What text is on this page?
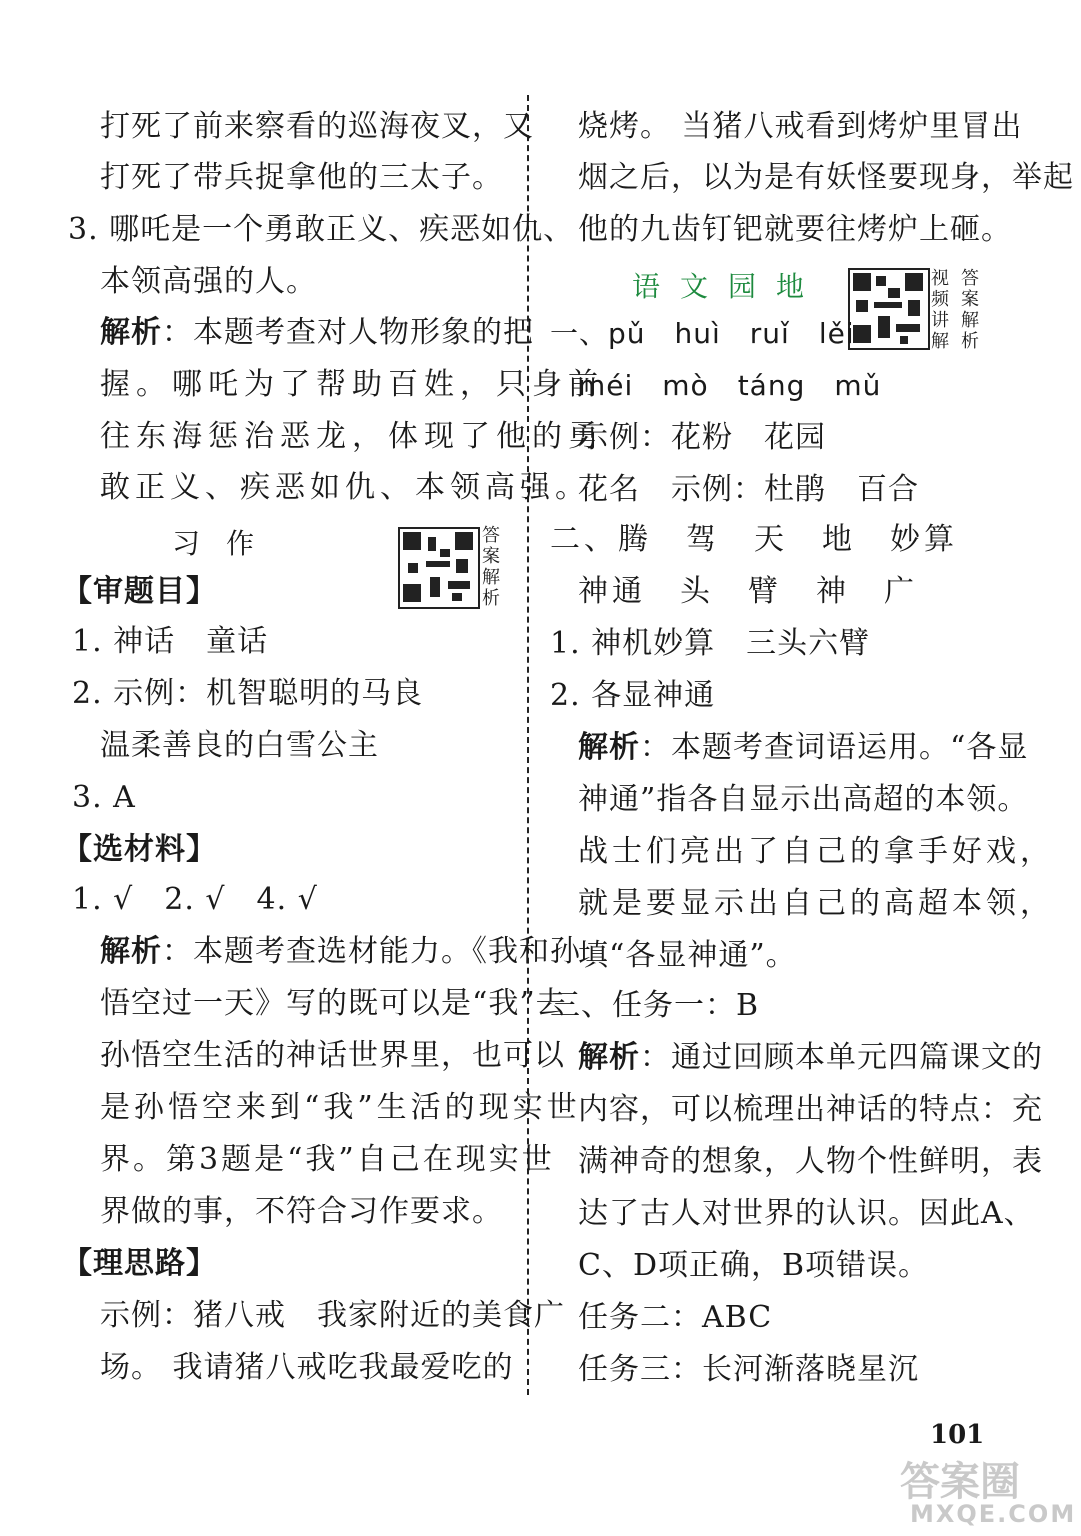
打死了前来察看的巡海夜叉，又
打死了带兵捉拿他的三太子。
3. 哪吒是一个勇敢正义、疾恶如仇、
本领高强的人。
解析：本题考查对人物形象的把
握。哪吒为了帮助百姓，只身前
往东海惩治恶龙，体现了他的勇
敢正义、疾恶如仇、本领高强。
习作	答
案
解
析
【审题目】
1. 神话　童话
2. 示例：机智聪明的马良
温柔善良的白雪公主
3. A
【选材料】
1. √　2. √　4. √
解析：本题考查选材能力。《我和孙
悟空过一天》写的既可以是“我”去
孙悟空生活的神话世界里，也可以
是孙悟空来到“我”生活的现实世
界。第3题是“我”自己在现实世
界做的事，不符合习作要求。
【理思路】
示例：猪八戒　我家附近的美食广
场。 我请猪八戒吃我最爱吃的
烧烤。 当猪八戒看到烤炉里冒出
烟之后，以为是有妖怪要现身，举起
他的九齿钉钯就要往烤炉上砸。
语文园地	视
频
讲
解
答
案
解
析
一、pǔ　huì　ruǐ　lěi
méi　mò　táng　mǔ
示例：花粉　花园
花名　示例：杜鹃　百合
二、腾　驾　天　地　妙算
神通　头　臂　神　广
1. 神机妙算　三头六臂
2. 各显神通
解析：本题考查词语运用。“各显
神通”指各自显示出高超的本领。
战士们亮出了自己的拿手好戏，
就是要显示出自己的高超本领，
填“各显神通”。
三、任务一：B
解析：通过回顾本单元四篇课文的
内容，可以梳理出神话的特点：充
满神奇的想象，人物个性鲜明，表
达了古人对世界的认识。因此A、
C、D项正确，B项错误。
任务二：ABC
任务三：长河渐落晓星沉
101
答案圈
MXQE.COM
